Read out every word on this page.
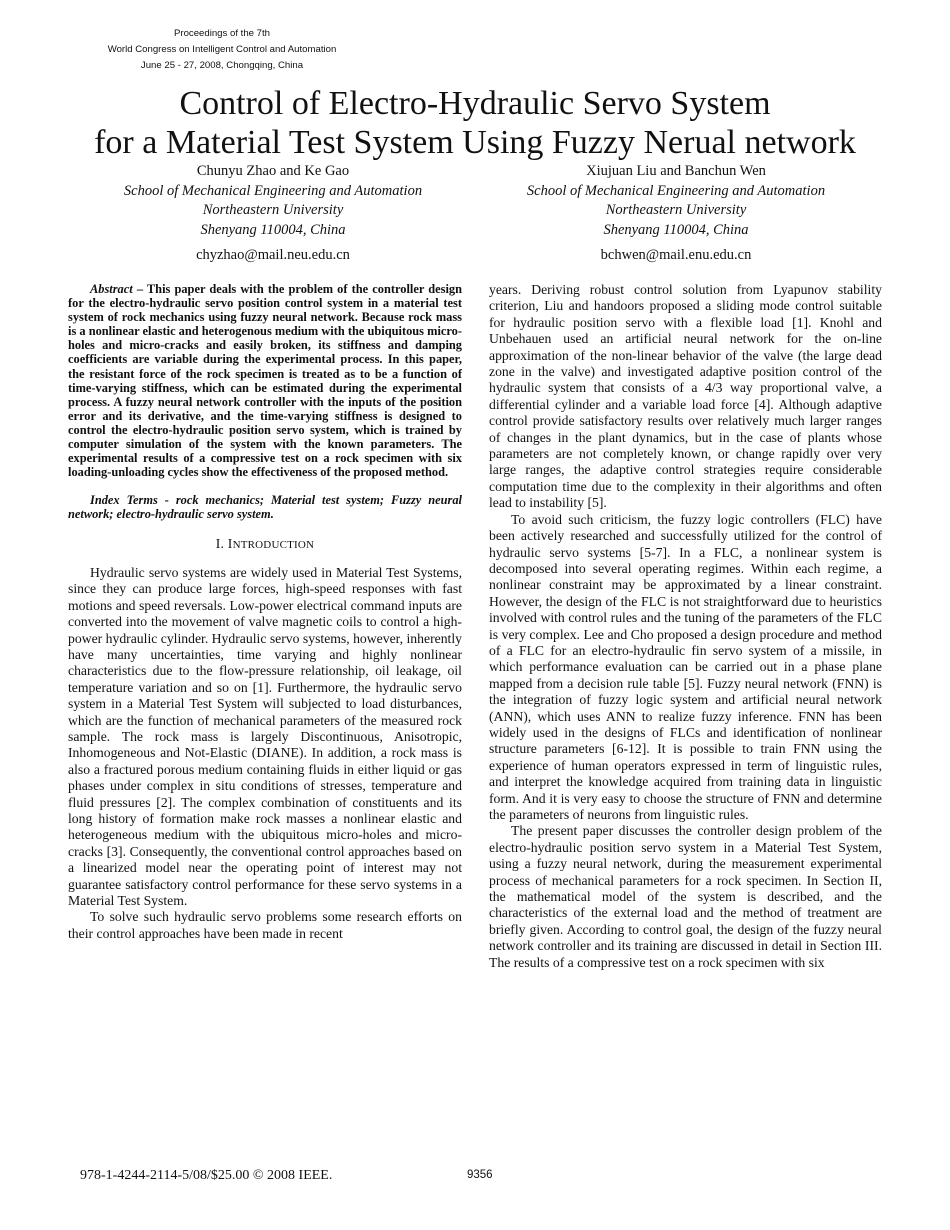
Proceedings of the 7th
World Congress on Intelligent Control and Automation
June 25 - 27, 2008, Chongqing, China
Control of Electro-Hydraulic Servo System
for a Material Test System Using Fuzzy Nerual network
Chunyu Zhao and Ke Gao
School of Mechanical Engineering and Automation
Northeastern University
Shenyang 110004, China
chyzhao@mail.neu.edu.cn
Xiujuan Liu and Banchun Wen
School of Mechanical Engineering and Automation
Northeastern University
Shenyang 110004, China
bchwen@mail.enu.edu.cn

Abstract – This paper deals with the problem of the controller design for the electro-hydraulic servo position control system in a material test system of rock mechanics using fuzzy neural network. Because rock mass is a nonlinear elastic and heterogenous medium with the ubiquitous micro-holes and micro-cracks and easily broken, its stiffness and damping coefficients are variable during the experimental process. In this paper, the resistant force of the rock specimen is treated as to be a function of time-varying stiffness, which can be estimated during the experimental process. A fuzzy neural network controller with the inputs of the position error and its derivative, and the time-varying stiffness is designed to control the electro-hydraulic position servo system, which is trained by computer simulation of the system with the known parameters. The experimental results of a compressive test on a rock specimen with six loading-unloading cycles show the effectiveness of the proposed method.

Index Terms - rock mechanics; Material test system; Fuzzy neural network; electro-hydraulic servo system.

I. INTRODUCTION

Hydraulic servo systems are widely used in Material Test Systems, since they can produce large forces, high-speed responses with fast motions and speed reversals. Low-power electrical command inputs are converted into the movement of valve magnetic coils to control a high-power hydraulic cylinder. Hydraulic servo systems, however, inherently have many uncertainties, time varying and highly nonlinear characteristics due to the flow-pressure relationship, oil leakage, oil temperature variation and so on [1]. Furthermore, the hydraulic servo system in a Material Test System will subjected to load disturbances, which are the function of mechanical parameters of the measured rock sample. The rock mass is largely Discontinuous, Anisotropic, Inhomogeneous and Not-Elastic (DIANE). In addition, a rock mass is also a fractured porous medium containing fluids in either liquid or gas phases under complex in situ conditions of stresses, temperature and fluid pressures [2]. The complex combination of constituents and its long history of formation make rock masses a nonlinear elastic and heterogeneous medium with the ubiquitous micro-holes and micro-cracks [3]. Consequently, the conventional control approaches based on a linearized model near the operating point of interest may not guarantee satisfactory control performance for these servo systems in a Material Test System.

To solve such hydraulic servo problems some research efforts on their control approaches have been made in recent

years. Deriving robust control solution from Lyapunov stability criterion, Liu and handoors proposed a sliding mode control suitable for hydraulic position servo with a flexible load [1]. Knohl and Unbehauen used an artificial neural network for the on-line approximation of the non-linear behavior of the valve (the large dead zone in the valve) and investigated adaptive position control of the hydraulic system that consists of a 4/3 way proportional valve, a differential cylinder and a variable load force [4]. Although adaptive control provide satisfactory results over relatively much larger ranges of changes in the plant dynamics, but in the case of plants whose parameters are not completely known, or change rapidly over very large ranges, the adaptive control strategies require considerable computation time due to the complexity in their algorithms and often lead to instability [5].

To avoid such criticism, the fuzzy logic controllers (FLC) have been actively researched and successfully utilized for the control of hydraulic servo systems [5-7]. In a FLC, a nonlinear system is decomposed into several operating regimes. Within each regime, a nonlinear constraint may be approximated by a linear constraint. However, the design of the FLC is not straightforward due to heuristics involved with control rules and the tuning of the parameters of the FLC is very complex. Lee and Cho proposed a design procedure and method of a FLC for an electro-hydraulic fin servo system of a missile, in which performance evaluation can be carried out in a phase plane mapped from a decision rule table [5]. Fuzzy neural network (FNN) is the integration of fuzzy logic system and artificial neural network (ANN), which uses ANN to realize fuzzy inference. FNN has been widely used in the designs of FLCs and identification of nonlinear structure parameters [6-12]. It is possible to train FNN using the experience of human operators expressed in term of linguistic rules, and interpret the knowledge acquired from training data in linguistic form. And it is very easy to choose the structure of FNN and determine the parameters of neurons from linguistic rules.

The present paper discusses the controller design problem of the electro-hydraulic position servo system in a Material Test System, using a fuzzy neural network, during the measurement experimental process of mechanical parameters for a rock specimen. In Section II, the mathematical model of the system is described, and the characteristics of the external load and the method of treatment are briefly given. According to control goal, the design of the fuzzy neural network controller and its training are discussed in detail in Section III. The results of a compressive test on a rock specimen with six

978-1-4244-2114-5/08/$25.00 © 2008 IEEE.	9356
